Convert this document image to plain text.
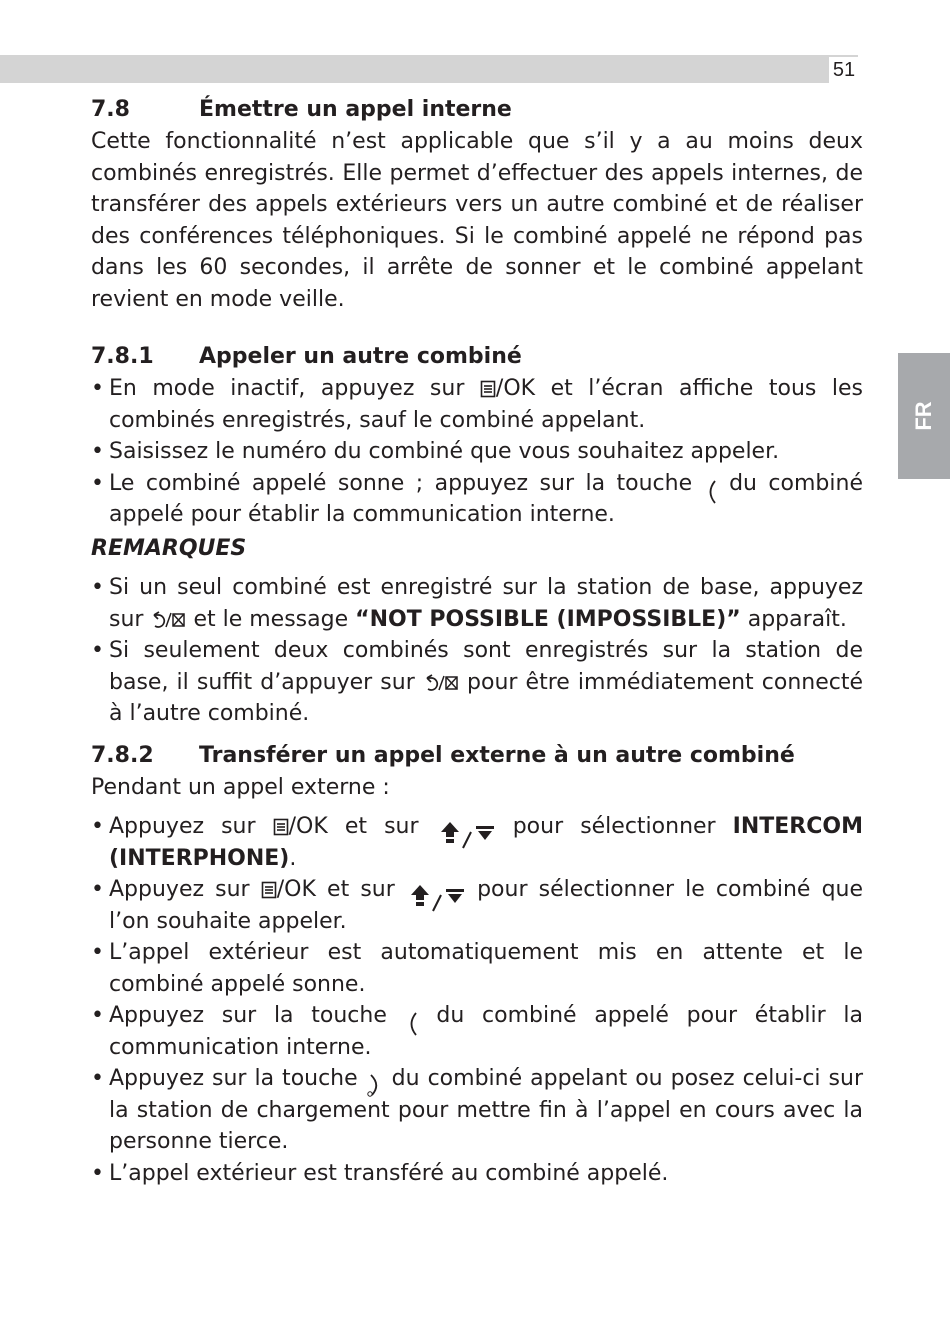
51
FR
7.8	Émettre un appel interne

Cette fonctionnalité n’est applicable que s’il y a au moins deux combinés enregistrés. Elle permet d’effectuer des appels internes, de transférer des appels extérieurs vers un autre combiné et de réaliser des conférences téléphoniques. Si le combiné appelé ne répond pas dans les 60 secondes, il arrête de sonner et le combiné appelant revient en mode veille.

7.8.1	Appeler un autre combiné
• En mode inactif, appuyez sur /OK et l’écran affiche tous les combinés enregistrés, sauf le combiné appelant.
• Saisissez le numéro du combiné que vous souhaitez appeler.
• Le combiné appelé sonne ; appuyez sur la touche du combiné appelé pour établir la communication interne.
REMARQUES
• Si un seul combiné est enregistré sur la station de base, appuyez sur et le message “NOT POSSIBLE (IMPOSSIBLE)” apparaît.
• Si seulement deux combinés sont enregistrés sur la station de base, il suffit d’appuyer sur pour être immédiatement connecté à l’autre combiné.
7.8.2	Transférer un appel externe à un autre combiné

Pendant un appel externe :

• Appuyez sur /OK et sur	pour sélectionner INTERCOM (INTERPHONE).
• Appuyez sur /OK et sur	pour sélectionner le combiné que l’on souhaite appeler.
• L’appel extérieur est automatiquement mis en attente et le combiné appelé sonne.
• Appuyez sur la touche du combiné appelé pour établir la communication interne.
• Appuyez sur la touche du combiné appelant ou posez celui-ci sur la station de chargement pour mettre fin à l’appel en cours avec la personne tierce.
• L’appel extérieur est transféré au combiné appelé.
